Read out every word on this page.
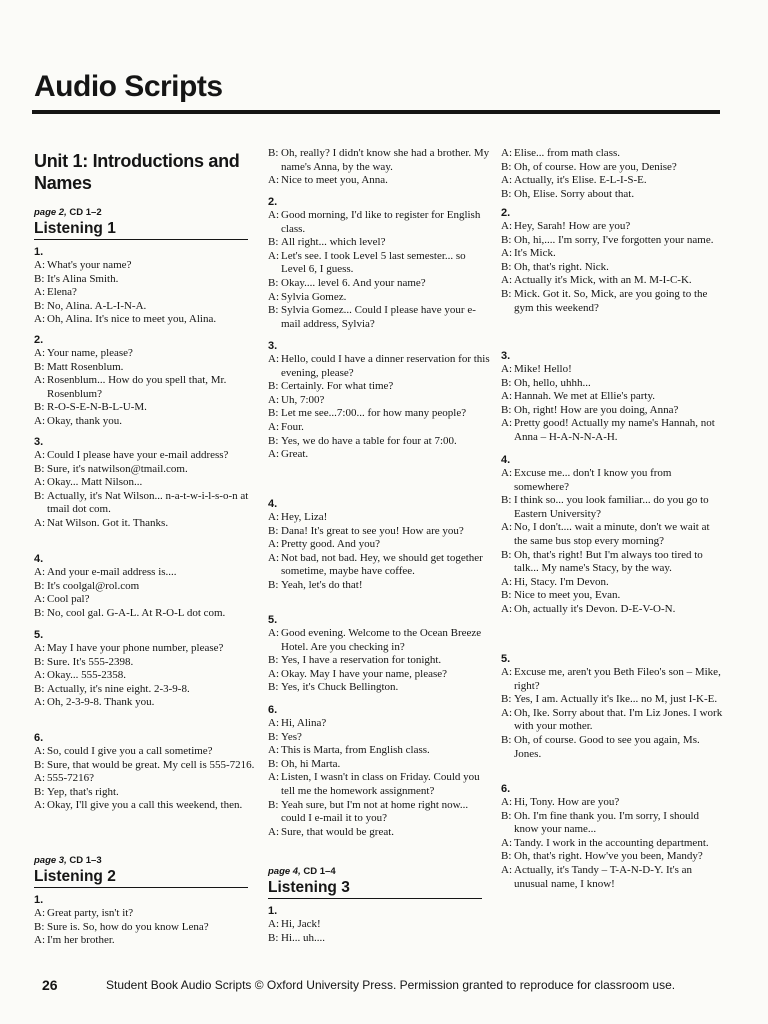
Audio Scripts
Unit 1: Introductions and Names
page 2, CD 1–2
Listening 1
1.
A: What's your name?
B: It's Alina Smith.
A: Elena?
B: No, Alina. A-L-I-N-A.
A: Oh, Alina. It's nice to meet you, Alina.
2.
A: Your name, please?
B: Matt Rosenblum.
A: Rosenblum... How do you spell that, Mr. Rosenblum?
B: R-O-S-E-N-B-L-U-M.
A: Okay, thank you.
3.
A: Could I please have your e-mail address?
B: Sure, it's natwilson@tmail.com.
A: Okay... Matt Nilson...
B: Actually, it's Nat Wilson... n-a-t-w-i-l-s-o-n at tmail dot com.
A: Nat Wilson. Got it. Thanks.
4.
A: And your e-mail address is....
B: It's coolgal@rol.com
A: Cool pal?
B: No, cool gal. G-A-L. At R-O-L dot com.
5.
A: May I have your phone number, please?
B: Sure. It's 555-2398.
A: Okay... 555-2358.
B: Actually, it's nine eight. 2-3-9-8.
A: Oh, 2-3-9-8. Thank you.
6.
A: So, could I give you a call sometime?
B: Sure, that would be great. My cell is 555-7216.
A: 555-7216?
B: Yep, that's right.
A: Okay, I'll give you a call this weekend, then.
page 3, CD 1–3
Listening 2
1.
A: Great party, isn't it?
B: Sure is. So, how do you know Lena?
A: I'm her brother.
B: Oh, really? I didn't know she had a brother. My name's Anna, by the way.
A: Nice to meet you, Anna.
2.
A: Good morning, I'd like to register for English class.
B: All right... which level?
A: Let's see. I took Level 5 last semester... so Level 6, I guess.
B: Okay.... level 6. And your name?
A: Sylvia Gomez.
B: Sylvia Gomez... Could I please have your e-mail address, Sylvia?
3.
A: Hello, could I have a dinner reservation for this evening, please?
B: Certainly. For what time?
A: Uh, 7:00?
B: Let me see...7:00... for how many people?
A: Four.
B: Yes, we do have a table for four at 7:00.
A: Great.
4.
A: Hey, Liza!
B: Dana! It's great to see you! How are you?
A: Pretty good. And you?
A: Not bad, not bad. Hey, we should get together sometime, maybe have coffee.
B: Yeah, let's do that!
5.
A: Good evening. Welcome to the Ocean Breeze Hotel. Are you checking in?
B: Yes, I have a reservation for tonight.
A: Okay. May I have your name, please?
B: Yes, it's Chuck Bellington.
6.
A: Hi, Alina?
B: Yes?
A: This is Marta, from English class.
B: Oh, hi Marta.
A: Listen, I wasn't in class on Friday. Could you tell me the homework assignment?
B: Yeah sure, but I'm not at home right now... could I e-mail it to you?
A: Sure, that would be great.
page 4, CD 1–4
Listening 3
1.
A: Hi, Jack!
B: Hi... uh....
A: Elise... from math class.
B: Oh, of course. How are you, Denise?
A: Actually, it's Elise. E-L-I-S-E.
B: Oh, Elise. Sorry about that.
2.
A: Hey, Sarah! How are you?
B: Oh, hi,.... I'm sorry, I've forgotten your name.
A: It's Mick.
B: Oh, that's right. Nick.
A: Actually it's Mick, with an M. M-I-C-K.
B: Mick. Got it. So, Mick, are you going to the gym this weekend?
3.
A: Mike! Hello!
B: Oh, hello, uhhh...
A: Hannah. We met at Ellie's party.
B: Oh, right! How are you doing, Anna?
A: Pretty good! Actually my name's Hannah, not Anna – H-A-N-N-A-H.
4.
A: Excuse me... don't I know you from somewhere?
B: I think so... you look familiar... do you go to Eastern University?
A: No, I don't.... wait a minute, don't we wait at the same bus stop every morning?
B: Oh, that's right! But I'm always too tired to talk... My name's Stacy, by the way.
A: Hi, Stacy. I'm Devon.
B: Nice to meet you, Evan.
A: Oh, actually it's Devon. D-E-V-O-N.
5.
A: Excuse me, aren't you Beth Fileo's son – Mike, right?
B: Yes, I am. Actually it's Ike... no M, just I-K-E.
A: Oh, Ike. Sorry about that. I'm Liz Jones. I work with your mother.
B: Oh, of course. Good to see you again, Ms. Jones.
6.
A: Hi, Tony. How are you?
B: Oh. I'm fine thank you. I'm sorry, I should know your name...
A: Tandy. I work in the accounting department.
B: Oh, that's right. How've you been, Mandy?
A: Actually, it's Tandy – T-A-N-D-Y. It's an unusual name, I know!
26	Student Book Audio Scripts © Oxford University Press. Permission granted to reproduce for classroom use.
